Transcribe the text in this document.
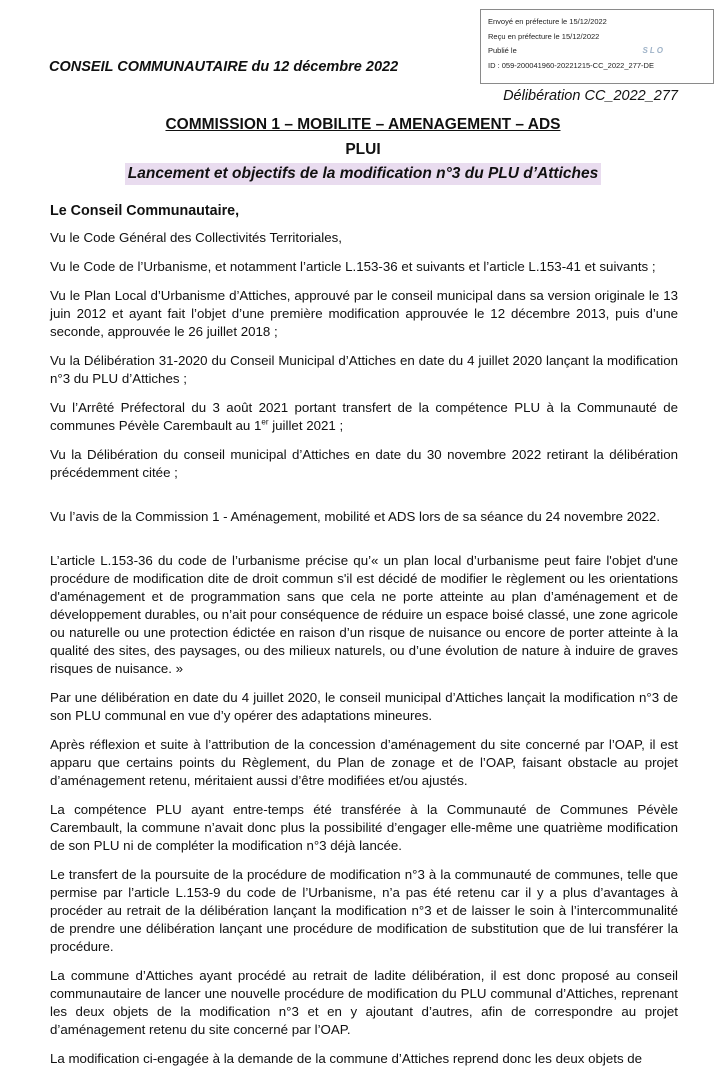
Envoyé en préfecture le 15/12/2022
Reçu en préfecture le 15/12/2022
Publié le	SLO
ID : 059-200041960-20221215-CC_2022_277-DE
CONSEIL COMMUNAUTAIRE du 12 décembre 2022
Délibération CC_2022_277
COMMISSION 1 – MOBILITE – AMENAGEMENT – ADS
PLUI
Lancement et objectifs de la modification n°3 du PLU d’Attiches

Le Conseil Communautaire,

Vu le Code Général des Collectivités Territoriales,

Vu le Code de l’Urbanisme, et notamment l’article L.153-36 et suivants et l’article L.153-41 et suivants ;

Vu le Plan Local d’Urbanisme d’Attiches, approuvé par le conseil municipal dans sa version originale le 13 juin 2012 et ayant fait l’objet d’une première modification approuvée le 12 décembre 2013, puis d’une seconde, approuvée le 26 juillet 2018 ;

Vu la Délibération 31-2020 du Conseil Municipal d’Attiches en date du 4 juillet 2020 lançant la modification n°3 du PLU d’Attiches ;

Vu l’Arrêté Préfectoral du 3 août 2021 portant transfert de la compétence PLU à la Communauté de communes Pévèle Carembault au 1er juillet 2021 ;

Vu la Délibération du conseil municipal d’Attiches en date du 30 novembre 2022 retirant la délibération précédemment citée ;

Vu l’avis de la Commission 1 - Aménagement, mobilité et ADS lors de sa séance du 24 novembre 2022.

L’article L.153-36 du code de l’urbanisme précise qu’« un plan local d’urbanisme peut faire l'objet d'une procédure de modification dite de droit commun s'il est décidé de modifier le règlement ou les orientations d'aménagement et de programmation sans que cela ne porte atteinte au plan d’aménagement et de développement durables, ou n’ait pour conséquence de réduire un espace boisé classé, une zone agricole ou naturelle ou une protection édictée en raison d’un risque de nuisance ou encore de porter atteinte à la qualité des sites, des paysages, ou des milieux naturels, ou d’une évolution de nature à induire de graves risques de nuisance. »

Par une délibération en date du 4 juillet 2020, le conseil municipal d’Attiches lançait la modification n°3 de son PLU communal en vue d’y opérer des adaptations mineures.

Après réflexion et suite à l’attribution de la concession d’aménagement du site concerné par l’OAP, il est apparu que certains points du Règlement, du Plan de zonage et de l’OAP, faisant obstacle au projet d’aménagement retenu, méritaient aussi d’être modifiées et/ou ajustés.

La compétence PLU ayant entre-temps été transférée à la Communauté de Communes Pévèle Carembault, la commune n’avait donc plus la possibilité d’engager elle-même une quatrième modification de son PLU ni de compléter la modification n°3 déjà lancée.

Le transfert de la poursuite de la procédure de modification n°3 à la communauté de communes, telle que permise par l’article L.153-9 du code de l’Urbanisme, n’a pas été retenu car il y a plus d’avantages à procéder au retrait de la délibération lançant la modification n°3 et de laisser le soin à l’intercommunalité de prendre une délibération lançant une procédure de modification de substitution que de lui transférer la procédure.

La commune d’Attiches ayant procédé au retrait de ladite délibération, il est donc proposé au conseil communautaire de lancer une nouvelle procédure de modification du PLU communal d’Attiches, reprenant les deux objets de la modification n°3 et en y ajoutant d’autres, afin de correspondre au projet d’aménagement retenu du site concerné par l’OAP.

La modification ci-engagée à la demande de la commune d’Attiches reprend donc les deux objets de
